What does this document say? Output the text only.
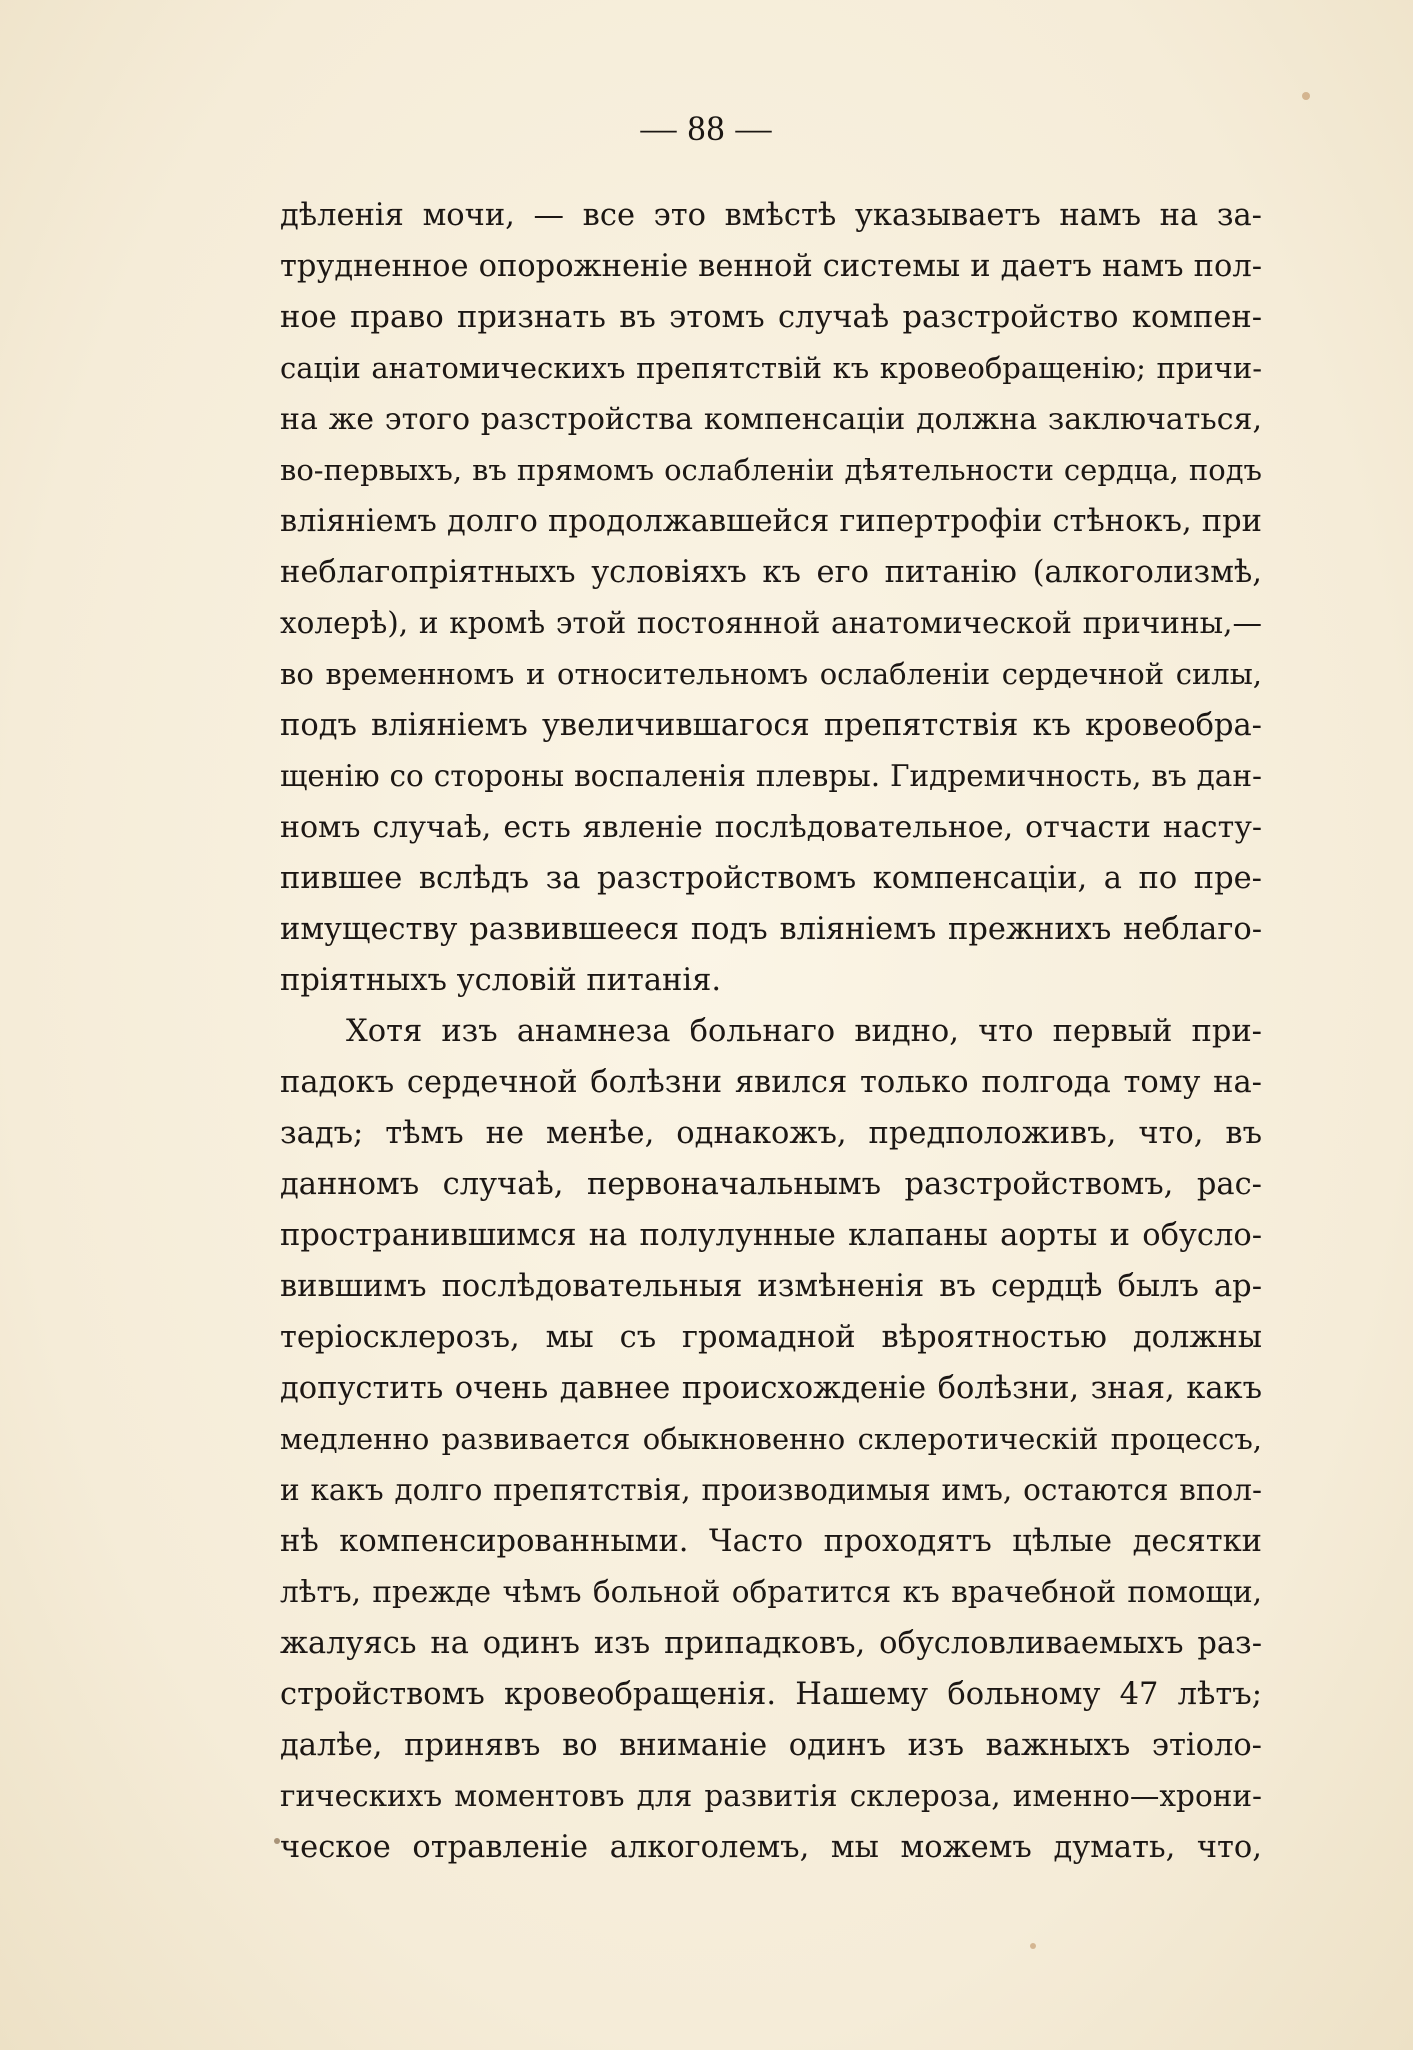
— 88 —
дѣленія мочи, — все это вмѣстѣ указываетъ намъ на за-
трудненное опорожненіе венной системы и даетъ намъ пол-
ное право признать въ этомъ случаѣ разстройство компен-
саціи анатомическихъ препятствій къ кровеобращенію; причи-
на же этого разстройства компенсаціи должна заключаться,
во-первыхъ, въ прямомъ ослабленіи дѣятельности сердца, подъ
вліяніемъ долго продолжавшейся гипертрофіи стѣнокъ, при
неблагопріятныхъ условіяхъ къ его питанію (алкоголизмѣ,
холерѣ), и кромѣ этой постоянной анатомической причины,—
во временномъ и относительномъ ослабленіи сердечной силы,
подъ вліяніемъ увеличившагося препятствія къ кровеобра-
щенію со стороны воспаленія плевры. Гидремичность, въ дан-
номъ случаѣ, есть явленіе послѣдовательное, отчасти насту-
пившее вслѣдъ за разстройствомъ компенсаціи, а по пре-
имуществу развившееся подъ вліяніемъ прежнихъ неблаго-
пріятныхъ условій питанія.
Хотя изъ анамнеза больнаго видно, что первый при-
падокъ сердечной болѣзни явился только полгода тому на-
задъ; тѣмъ не менѣе, однакожъ, предположивъ, что, въ
данномъ случаѣ, первоначальнымъ разстройствомъ, рас-
пространившимся на полулунные клапаны аорты и обусло-
вившимъ послѣдовательныя измѣненія въ сердцѣ былъ ар-
теріосклерозъ, мы съ громадной вѣроятностью должны
допустить очень давнее происхожденіе болѣзни, зная, какъ
медленно развивается обыкновенно склеротическій процессъ,
и какъ долго препятствія, производимыя имъ, остаются впол-
нѣ компенсированными. Часто проходятъ цѣлые десятки
лѣтъ, прежде чѣмъ больной обратится къ врачебной помощи,
жалуясь на одинъ изъ припадковъ, обусловливаемыхъ раз-
стройствомъ кровеобращенія. Нашему больному 47 лѣтъ;
далѣе, принявъ во вниманіе одинъ изъ важныхъ этіоло-
гическихъ моментовъ для развитія склероза, именно—хрони-
ческое отравленіе алкоголемъ, мы можемъ думать, что,
